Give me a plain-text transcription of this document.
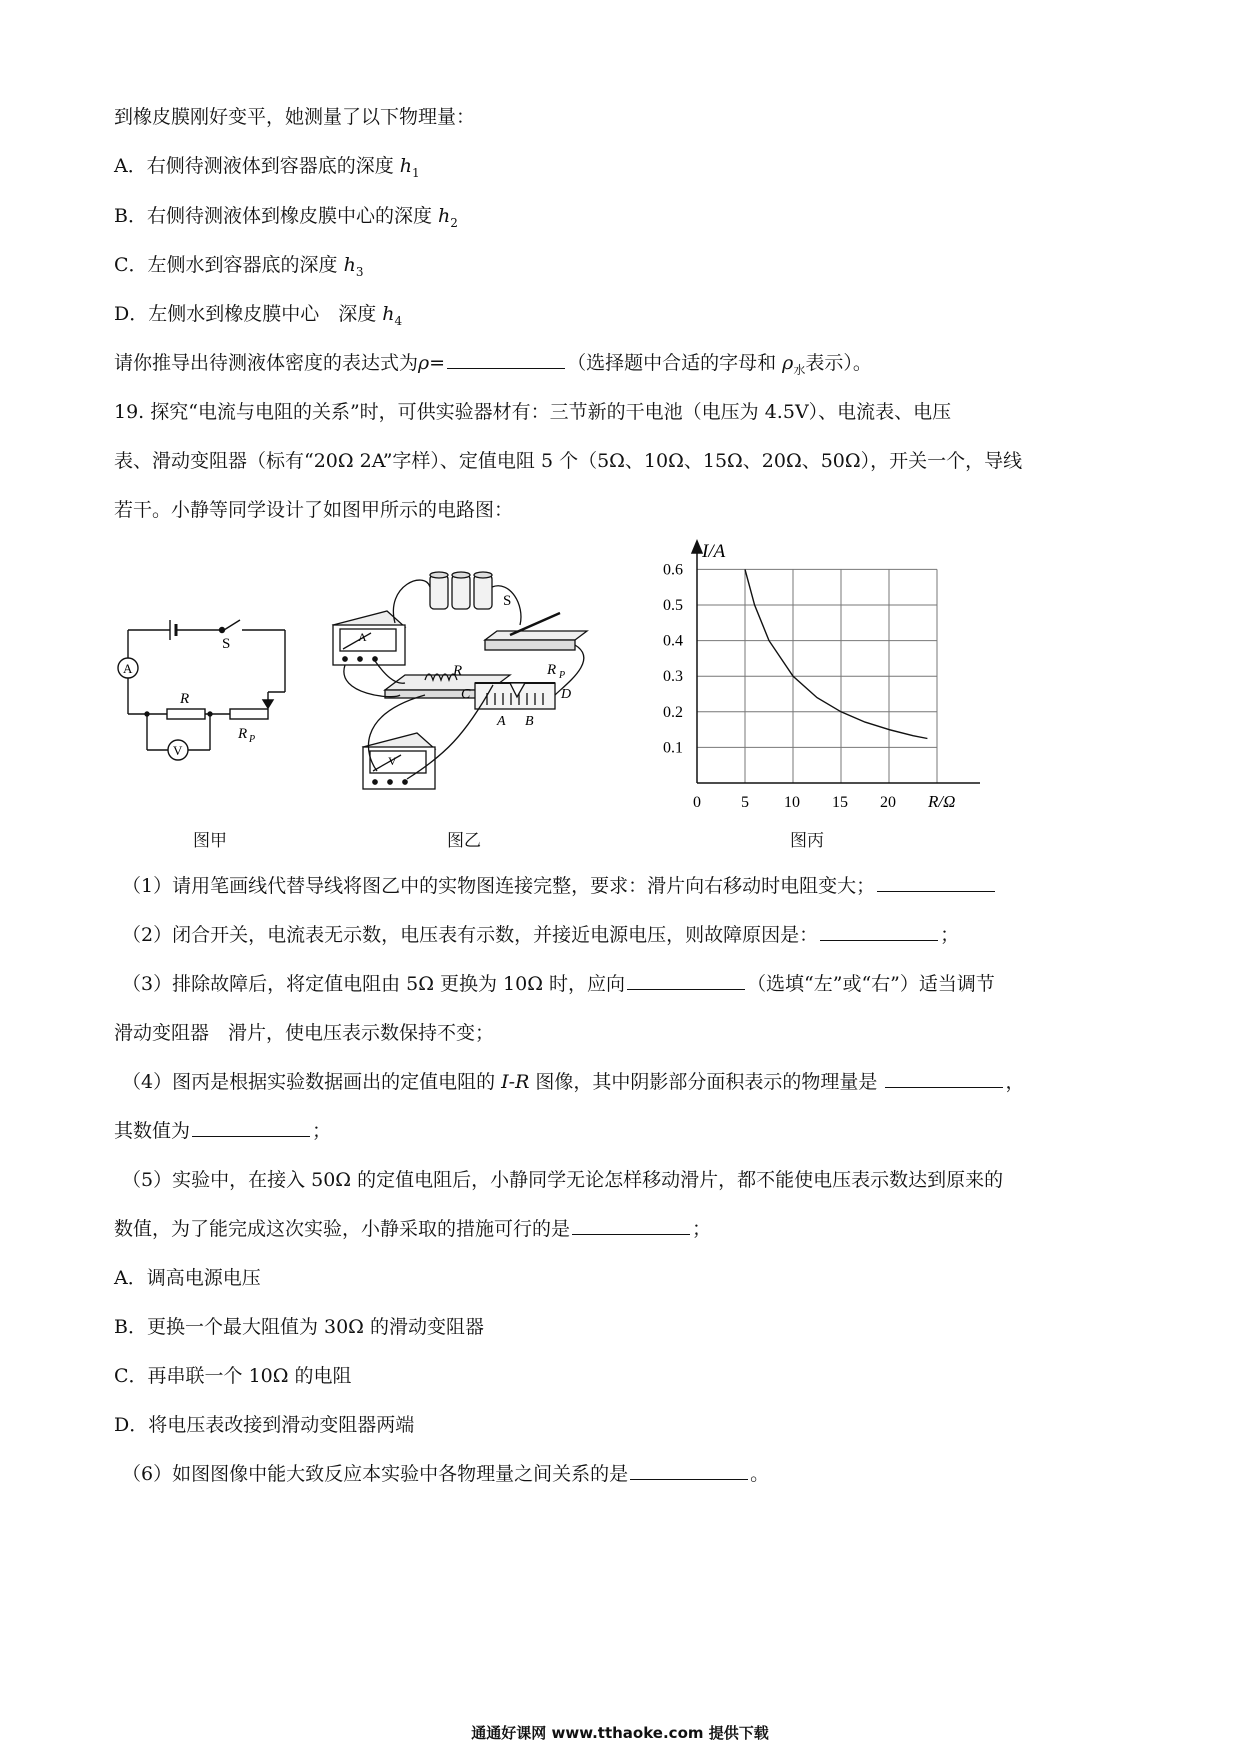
到橡皮膜刚好变平，她测量了以下物理量：
A．右侧待测液体到容器底的深度 $h_1$
B．右侧待测液体到橡皮膜中心的深度 $h_2$
C．左侧水到容器底的深度 $h_3$
D．左侧水到橡皮膜中心　深度 $h_4$
请你推导出待测液体密度的表达式为ρ=	（选择题中合适的字母和 $\rho_水$表示）。
19. 探究“电流与电阻的关系”时，可供实验器材有：三节新的干电池（电压为 4.5V）、电流表、电压
表、滑动变阻器（标有“20Ω 2A”字样）、定值电阻 5 个（5Ω、10Ω、15Ω、20Ω、50Ω），开关一个，导线
若干。小静等同学设计了如图甲所示的电路图：
S
A
R
R P
V
A
V
S
R	R P
C	D
A B
0	5 10 15 20
0.1
0.2
0.3
0.4
0.5
0.6
I/A
R/Ω
图甲	图乙	图丙
（1）请用笔画线代替导线将图乙中的实物图连接完整，要求：滑片向右移动时电阻变大；
（2）闭合开关，电流表无示数，电压表有示数，并接近电源电压，则故障原因是：	；
（3）排除故障后，将定值电阻由 5Ω 更换为 10Ω 时，应向	（选填“左”或“右”）适当调节
滑动变阻器　滑片，使电压表示数保持不变；
（4）图丙是根据实验数据画出的定值电阻的 I-R 图像，其中阴影部分面积表示的物理量是	，
其数值为	；
（5）实验中，在接入 50Ω 的定值电阻后，小静同学无论怎样移动滑片，都不能使电压表示数达到原来的
数值，为了能完成这次实验，小静采取的措施可行的是	；
A．调高电源电压
B．更换一个最大阻值为 30Ω 的滑动变阻器
C．再串联一个 10Ω 的电阻
D．将电压表改接到滑动变阻器两端
（6）如图图像中能大致反应本实验中各物理量之间关系的是	。
通通好课网 www.tthaoke.com 提供下载
